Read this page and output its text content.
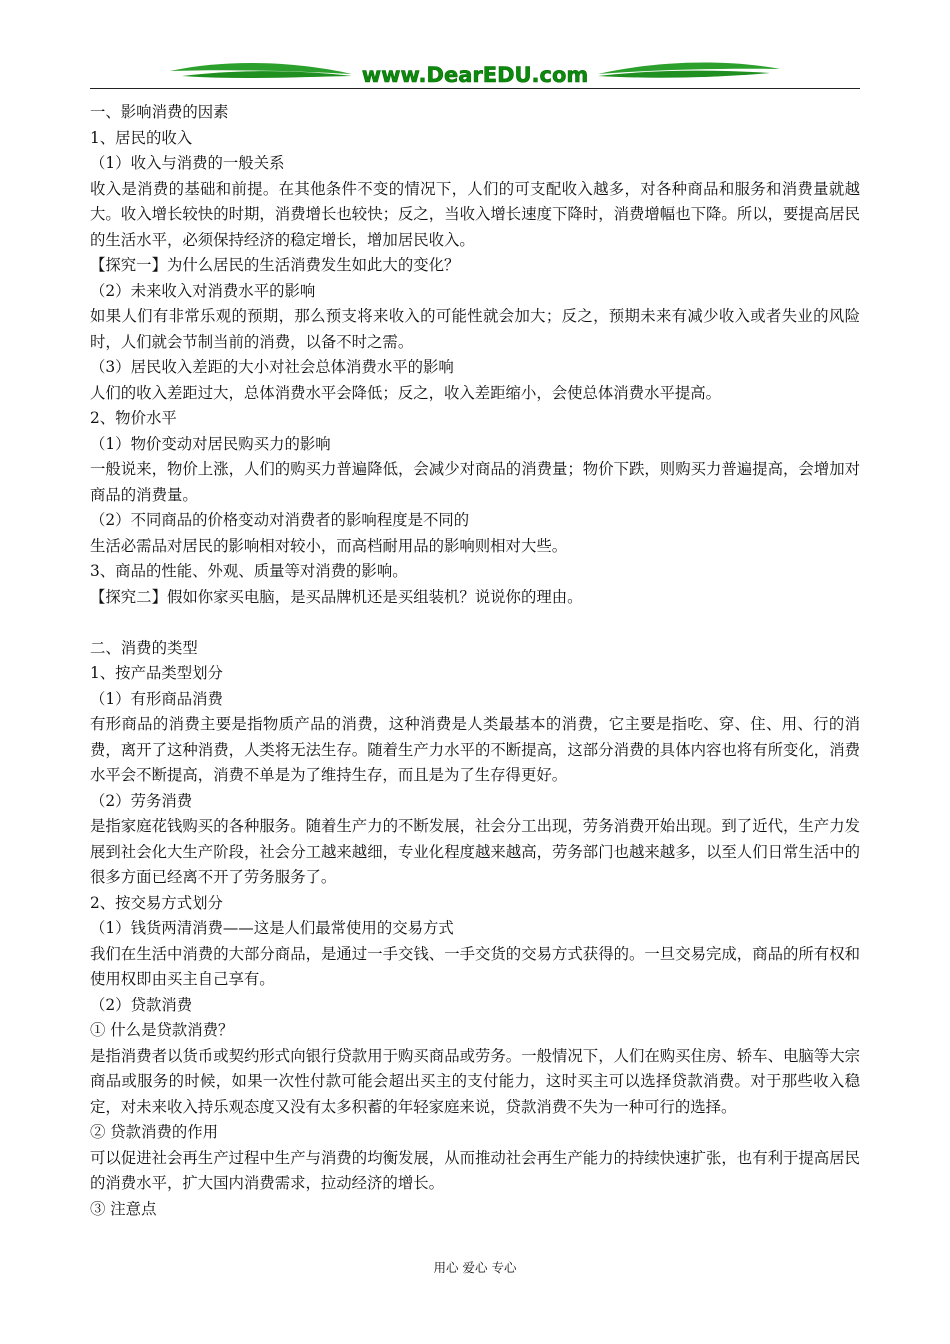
www.DearEDU.com

一、影响消费的因素

1、居民的收入

（1）收入与消费的一般关系

收入是消费的基础和前提。在其他条件不变的情况下，人们的可支配收入越多，对各种商品和服务和消费量就越大。收入增长较快的时期，消费增长也较快；反之，当收入增长速度下降时，消费增幅也下降。所以，要提高居民的生活水平，必须保持经济的稳定增长，增加居民收入。

【探究一】为什么居民的生活消费发生如此大的变化？

（2）未来收入对消费水平的影响

如果人们有非常乐观的预期，那么预支将来收入的可能性就会加大；反之，预期未来有减少收入或者失业的风险时，人们就会节制当前的消费，以备不时之需。

（3）居民收入差距的大小对社会总体消费水平的影响

人们的收入差距过大，总体消费水平会降低；反之，收入差距缩小，会使总体消费水平提高。

2、物价水平

（1）物价变动对居民购买力的影响

一般说来，物价上涨，人们的购买力普遍降低，会减少对商品的消费量；物价下跌，则购买力普遍提高，会增加对商品的消费量。

（2）不同商品的价格变动对消费者的影响程度是不同的

生活必需品对居民的影响相对较小，而高档耐用品的影响则相对大些。

3、商品的性能、外观、质量等对消费的影响。

【探究二】假如你家买电脑，是买品牌机还是买组装机？说说你的理由。

二、消费的类型

1、按产品类型划分

（1）有形商品消费

有形商品的消费主要是指物质产品的消费，这种消费是人类最基本的消费，它主要是指吃、穿、住、用、行的消费，离开了这种消费，人类将无法生存。随着生产力水平的不断提高，这部分消费的具体内容也将有所变化，消费水平会不断提高，消费不单是为了维持生存，而且是为了生存得更好。

（2）劳务消费

是指家庭花钱购买的各种服务。随着生产力的不断发展，社会分工出现，劳务消费开始出现。到了近代，生产力发展到社会化大生产阶段，社会分工越来越细，专业化程度越来越高，劳务部门也越来越多，以至人们日常生活中的很多方面已经离不开了劳务服务了。

2、按交易方式划分

（1）钱货两清消费——这是人们最常使用的交易方式

我们在生活中消费的大部分商品，是通过一手交钱、一手交货的交易方式获得的。一旦交易完成，商品的所有权和使用权即由买主自己享有。

（2）贷款消费

① 什么是贷款消费？

是指消费者以货币或契约形式向银行贷款用于购买商品或劳务。一般情况下，人们在购买住房、轿车、电脑等大宗商品或服务的时候，如果一次性付款可能会超出买主的支付能力，这时买主可以选择贷款消费。对于那些收入稳定，对未来收入持乐观态度又没有太多积蓄的年轻家庭来说，贷款消费不失为一种可行的选择。

② 贷款消费的作用

可以促进社会再生产过程中生产与消费的均衡发展，从而推动社会再生产能力的持续快速扩张，也有利于提高居民的消费水平，扩大国内消费需求，拉动经济的增长。

③ 注意点

用心 爱心 专心
